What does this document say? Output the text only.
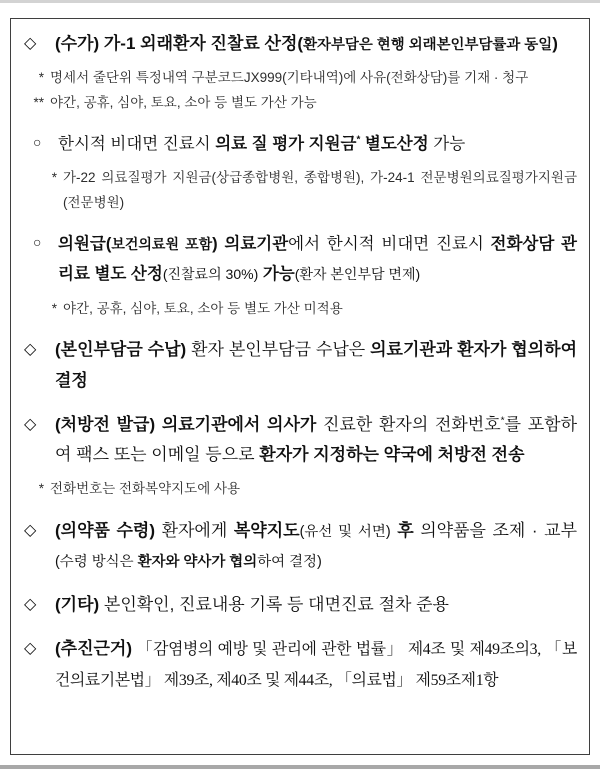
◇	(수가) 가-1 외래환자 진찰료 산정(환자부담은 현행 외래본인부담률과 동일)
* 명세서 줄단위 특정내역 구분코드JX999(기타내역)에 사유(전화상담)를 기재 · 청구
** 야간, 공휴, 심야, 토요, 소아 등 별도 가산 가능
○	한시적 비대면 진료시 의료 질 평가 지원금* 별도산정 가능
* 가-22 의료질평가 지원금(상급종합병원, 종합병원), 가-24-1 전문병원의료질평가지원금(전문병원)
○	의원급(보건의료원 포함) 의료기관에서 한시적 비대면 진료시 전화상담 관리료 별도 산정(진찰료의 30%) 가능(환자 본인부담 면제)
* 야간, 공휴, 심야, 토요, 소아 등 별도 가산 미적용
◇	(본인부담금 수납) 환자 본인부담금 수납은 의료기관과 환자가 협의하여 결정
◇	(처방전 발급) 의료기관에서 의사가 진료한 환자의 전화번호*를 포함하여 팩스 또는 이메일 등으로 환자가 지정하는 약국에 처방전 전송
* 전화번호는 전화복약지도에 사용
◇	(의약품 수령) 환자에게 복약지도(유선 및 서면) 후 의약품을 조제 · 교부(수령 방식은 환자와 약사가 협의하여 결정)
◇	(기타) 본인확인, 진료내용 기록 등 대면진료 절차 준용
◇	(추진근거) 「감염병의 예방 및 관리에 관한 법률」 제4조 및 제49조의3, 「보건의료기본법」 제39조, 제40조 및 제44조, 「의료법」 제59조제1항
